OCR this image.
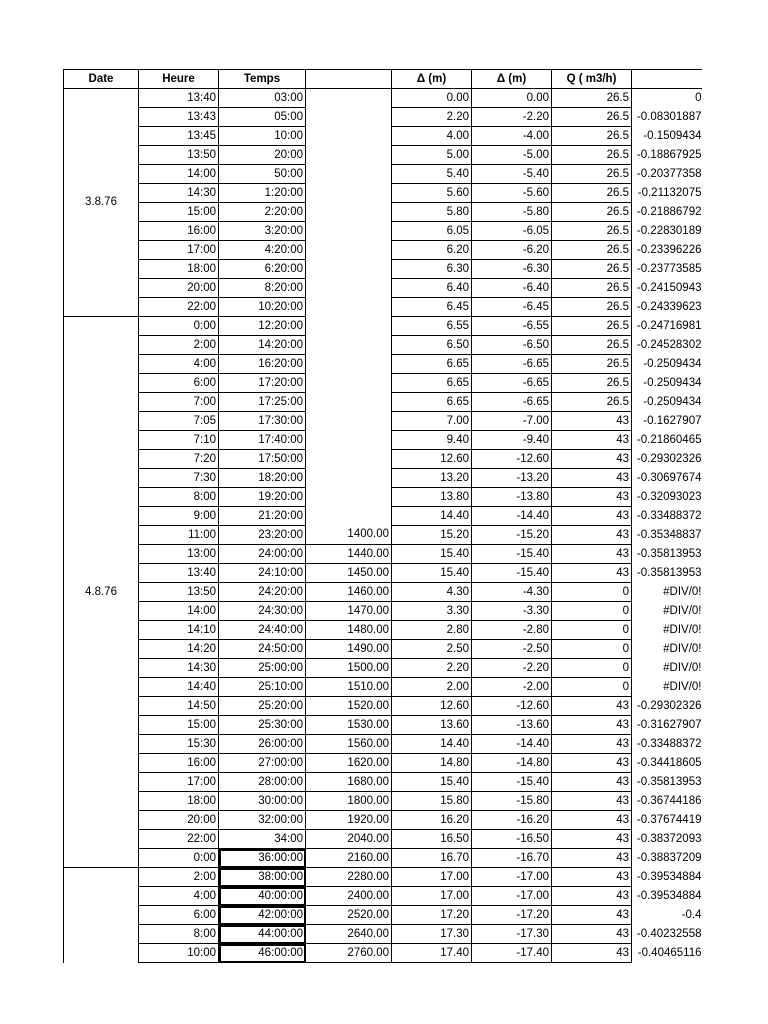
Date	Heure	Temps		Δ (m)	Δ (m)	Q ( m3/h)	
3.8.76	13:40	03:00		0.00	0.00	26.5	0
	13:43	05:00		2.20	-2.20	26.5	-0.08301887
	13:45	10:00		4.00	-4.00	26.5	-0.1509434
	13:50	20:00		5.00	-5.00	26.5	-0.18867925
	14:00	50:00		5.40	-5.40	26.5	-0.20377358
	14:30	1:20:00		5.60	-5.60	26.5	-0.21132075
	15:00	2:20:00		5.80	-5.80	26.5	-0.21886792
	16:00	3:20:00		6.05	-6.05	26.5	-0.22830189
	17:00	4:20:00		6.20	-6.20	26.5	-0.23396226
	18:00	6:20:00		6.30	-6.30	26.5	-0.23773585
	20:00	8:20:00		6.40	-6.40	26.5	-0.24150943
	22:00	10:20:00		6.45	-6.45	26.5	-0.24339623
4.8.76	0:00	12:20:00		6.55	-6.55	26.5	-0.24716981
	2:00	14:20:00		6.50	-6.50	26.5	-0.24528302
	4:00	16:20:00		6.65	-6.65	26.5	-0.2509434
	6:00	17:20:00		6.65	-6.65	26.5	-0.2509434
	7:00	17:25:00		6.65	-6.65	26.5	-0.2509434
	7:05	17:30:00		7.00	-7.00	43	-0.1627907
	7:10	17:40:00		9.40	-9.40	43	-0.21860465
	7:20	17:50:00		12.60	-12.60	43	-0.29302326
	7:30	18:20:00		13.20	-13.20	43	-0.30697674
	8:00	19:20:00		13.80	-13.80	43	-0.32093023
	9:00	21:20:00		14.40	-14.40	43	-0.33488372
	11:00	23:20:00	1400.00	15.20	-15.20	43	-0.35348837
	13:00	24:00:00	1440.00	15.40	-15.40	43	-0.35813953
	13:40	24:10:00	1450.00	15.40	-15.40	43	-0.35813953
	13:50	24:20:00	1460.00	4.30	-4.30	0	#DIV/0!
	14:00	24:30:00	1470.00	3.30	-3.30	0	#DIV/0!
	14:10	24:40:00	1480.00	2.80	-2.80	0	#DIV/0!
	14:20	24:50:00	1490.00	2.50	-2.50	0	#DIV/0!
	14:30	25:00:00	1500.00	2.20	-2.20	0	#DIV/0!
	14:40	25:10:00	1510.00	2.00	-2.00	0	#DIV/0!
	14:50	25:20:00	1520.00	12.60	-12.60	43	-0.29302326
	15:00	25:30:00	1530.00	13.60	-13.60	43	-0.31627907
	15:30	26:00:00	1560.00	14.40	-14.40	43	-0.33488372
	16:00	27:00:00	1620.00	14.80	-14.80	43	-0.34418605
	17:00	28:00:00	1680.00	15.40	-15.40	43	-0.35813953
	18:00	30:00:00	1800.00	15.80	-15.80	43	-0.36744186
	20:00	32:00:00	1920.00	16.20	-16.20	43	-0.37674419
	22:00	34:00	2040.00	16.50	-16.50	43	-0.38372093
	0:00	36:00:00	2160.00	16.70	-16.70	43	-0.38837209
	2:00	38:00:00	2280.00	17.00	-17.00	43	-0.39534884
	4:00	40:00:00	2400.00	17.00	-17.00	43	-0.39534884
	6:00	42:00:00	2520.00	17.20	-17.20	43	-0.4
	8:00	44:00:00	2640.00	17.30	-17.30	43	-0.40232558
	10:00	46:00:00	2760.00	17.40	-17.40	43	-0.40465116
